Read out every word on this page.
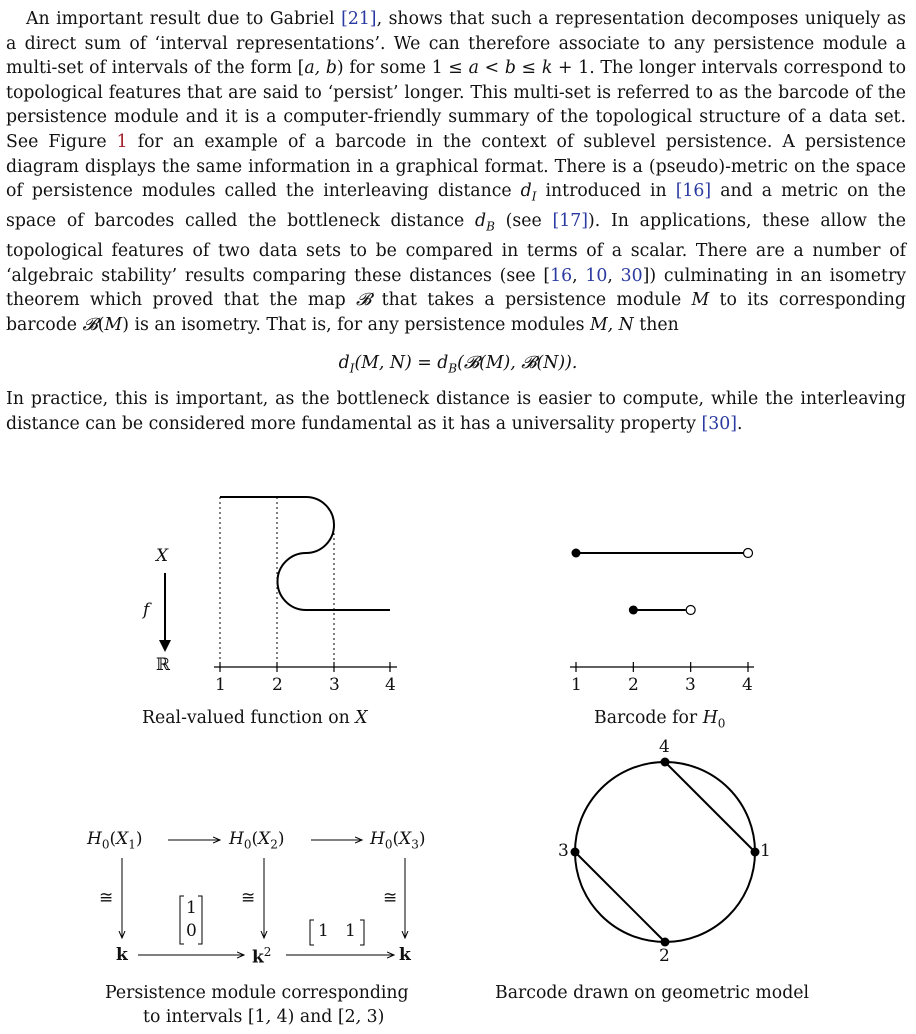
An important result due to Gabriel [21], shows that such a representation decomposes uniquely as a direct sum of ‘interval representations’. We can therefore associate to any persistence module a multi-set of intervals of the form [a, b) for some 1 ≤ a < b ≤ k + 1. The longer intervals correspond to topological features that are said to ‘persist’ longer. This multi-set is referred to as the barcode of the persistence module and it is a computer-friendly summary of the topological structure of a data set. See Figure 1 for an example of a barcode in the context of sublevel persistence. A persistence diagram displays the same information in a graphical format. There is a (pseudo)-metric on the space of persistence modules called the interleaving distance $d_I$ introduced in [16] and a metric on the space of barcodes called the bottleneck distance $d_B$ (see [17]). In applications, these allow the topological features of two data sets to be compared in terms of a scalar. There are a number of ‘algebraic stability’ results comparing these distances (see [16, 10, 30]) culminating in an isometry theorem which proved that the map 𝓑 that takes a persistence module M to its corresponding barcode 𝓑(M) is an isometry. That is, for any persistence modules M, N then

$d_I(M$, $N) = d_B(𝓑(M)$, 𝓑(N)).

In practice, this is important, as the bottleneck distance is easier to compute, while the interleaving distance can be considered more fundamental as it has a universality property [30].

X
f
ℝ
1	2	3	4
Real-valued function on X
1	2	3	4
Barcode for $H_0$
$H_0(X_1)$	$H_0(X_2)$	$H_0(X_3)$
≅	≅	≅
1
0	1 1
k	$k^2$	k
Persistence module corresponding
to intervals [1, 4) and [2, 3)
4
1
3
2
Barcode drawn on geometric model
